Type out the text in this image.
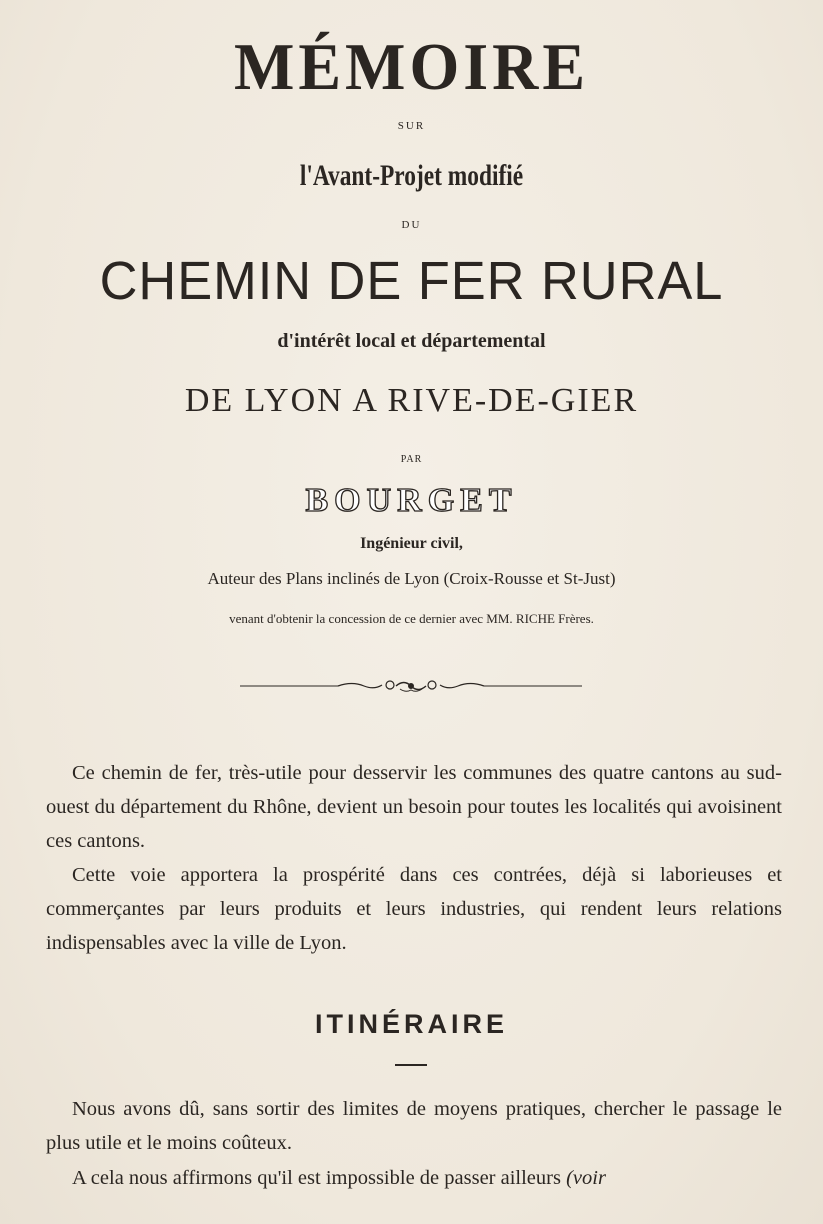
MÉMOIRE
SUR
l'Avant-Projet modifié
DU
CHEMIN DE FER RURAL
d'intérêt local et départemental
DE LYON A RIVE-DE-GIER
PAR
BOURGET
Ingénieur civil,
Auteur des Plans inclinés de Lyon (Croix-Rousse et St-Just)
venant d'obtenir la concession de ce dernier avec MM. RICHE Frères.

Ce chemin de fer, très-utile pour desservir les communes des quatre cantons au sud-ouest du département du Rhône, devient un besoin pour toutes les localités qui avoisinent ces cantons.

Cette voie apportera la prospérité dans ces contrées, déjà si laborieuses et commerçantes par leurs produits et leurs industries, qui rendent leurs relations indispensables avec la ville de Lyon.

ITINÉRAIRE

Nous avons dû, sans sortir des limites de moyens pratiques, chercher le passage le plus utile et le moins coûteux.

A cela nous affirmons qu'il est impossible de passer ailleurs (voir
